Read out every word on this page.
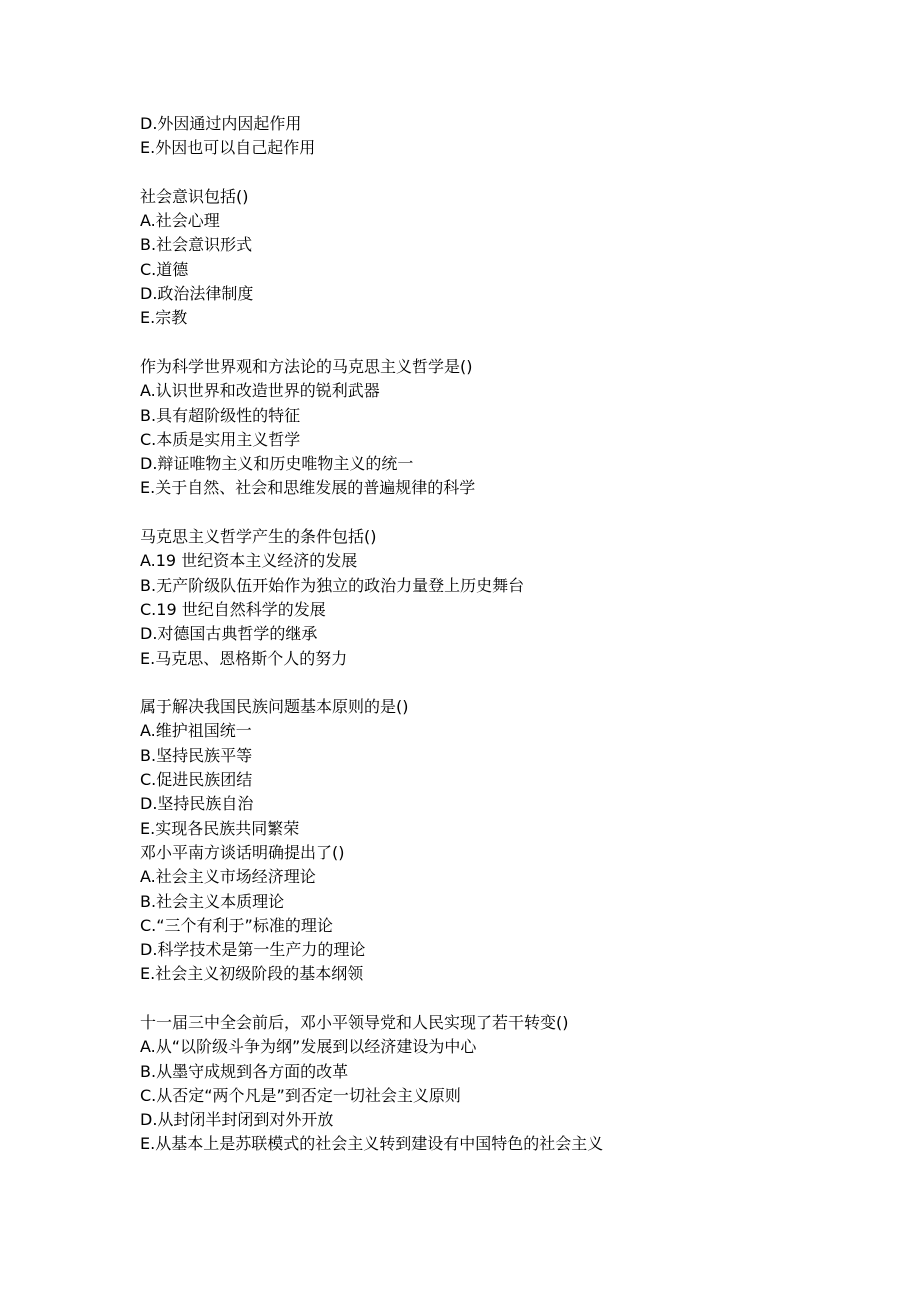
D.外因通过内因起作用
E.外因也可以自己起作用
社会意识包括()
A.社会心理
B.社会意识形式
C.道德
D.政治法律制度
E.宗教
作为科学世界观和方法论的马克思主义哲学是()
A.认识世界和改造世界的锐利武器
B.具有超阶级性的特征
C.本质是实用主义哲学
D.辩证唯物主义和历史唯物主义的统一
E.关于自然、社会和思维发展的普遍规律的科学
马克思主义哲学产生的条件包括()
A.19 世纪资本主义经济的发展
B.无产阶级队伍开始作为独立的政治力量登上历史舞台
C.19 世纪自然科学的发展
D.对德国古典哲学的继承
E.马克思、恩格斯个人的努力
属于解决我国民族问题基本原则的是()
A.维护祖国统一
B.坚持民族平等
C.促进民族团结
D.坚持民族自治
E.实现各民族共同繁荣
邓小平南方谈话明确提出了()
A.社会主义市场经济理论
B.社会主义本质理论
C.“三个有利于”标准的理论
D.科学技术是第一生产力的理论
E.社会主义初级阶段的基本纲领
十一届三中全会前后，邓小平领导党和人民实现了若干转变()
A.从“以阶级斗争为纲”发展到以经济建设为中心
B.从墨守成规到各方面的改革
C.从否定“两个凡是”到否定一切社会主义原则
D.从封闭半封闭到对外开放
E.从基本上是苏联模式的社会主义转到建设有中国特色的社会主义
